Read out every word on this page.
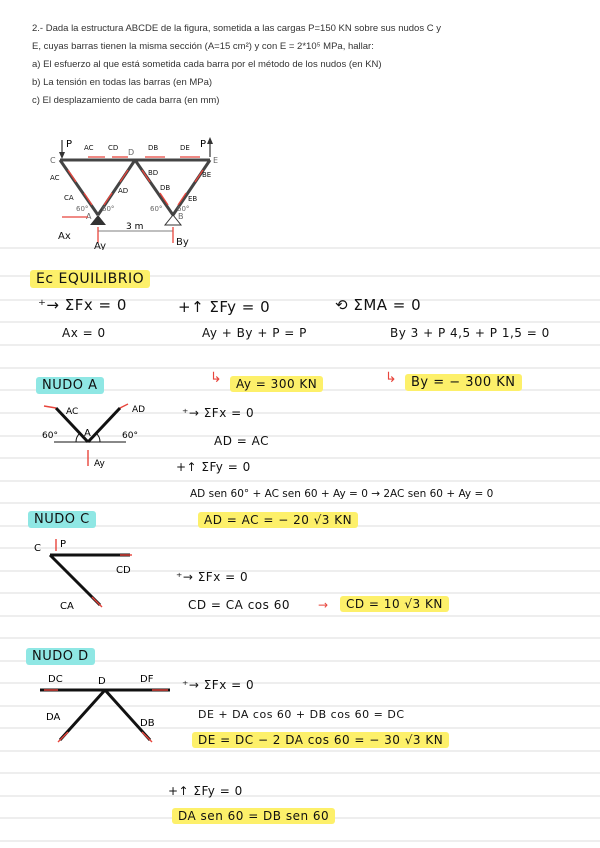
2.- Dada la estructura ABCDE de la figura, sometida a las cargas P=150 KN sobre sus nudos C y E, cuyas barras tienen la misma sección (A=15 cm²) y con E = 2*10⁵ MPa, hallar:

a) El esfuerzo al que está sometida cada barra por el método de los nudos (en KN)
b) La tensión en todas las barras (en MPa)
c) El desplazamiento de cada barra (en mm)
P	P
C
D
E
A	B
60° 60°	60° 60°
3 m
AC CD	DB	DE
AC
CA
AD
BD
DB
BE
EB
Ax
Ay	By
Ec EQUILIBRIO
⁺→ ΣFx = 0
Ax = 0
+↑ ΣFy = 0
Ay + By + P = P
⟲ ΣMA = 0
By 3 + P 4,5 + P 1,5 = 0
↳	Ay = 300 KN	↳	By = − 300 KN
NUDO A
AC	AD
A
60°	60°
Ay
⁺→ ΣFx = 0
AD = AC
+↑ ΣFy = 0
AD sen 60° + AC sen 60 + Ay = 0 → 2AC sen 60 + Ay = 0
AD = AC = − 20 √3 KN
NUDO C
C P
CD
CA
⁺→ ΣFx = 0
CD = CA cos 60 →	CD = 10 √3 KN
NUDO D
DC	D	DF
DA
DB
⁺→ ΣFx = 0
DE + DA cos 60 + DB cos 60 = DC
DE = DC − 2 DA cos 60 = − 30 √3 KN
+↑ ΣFy = 0
DA sen 60 = DB sen 60
